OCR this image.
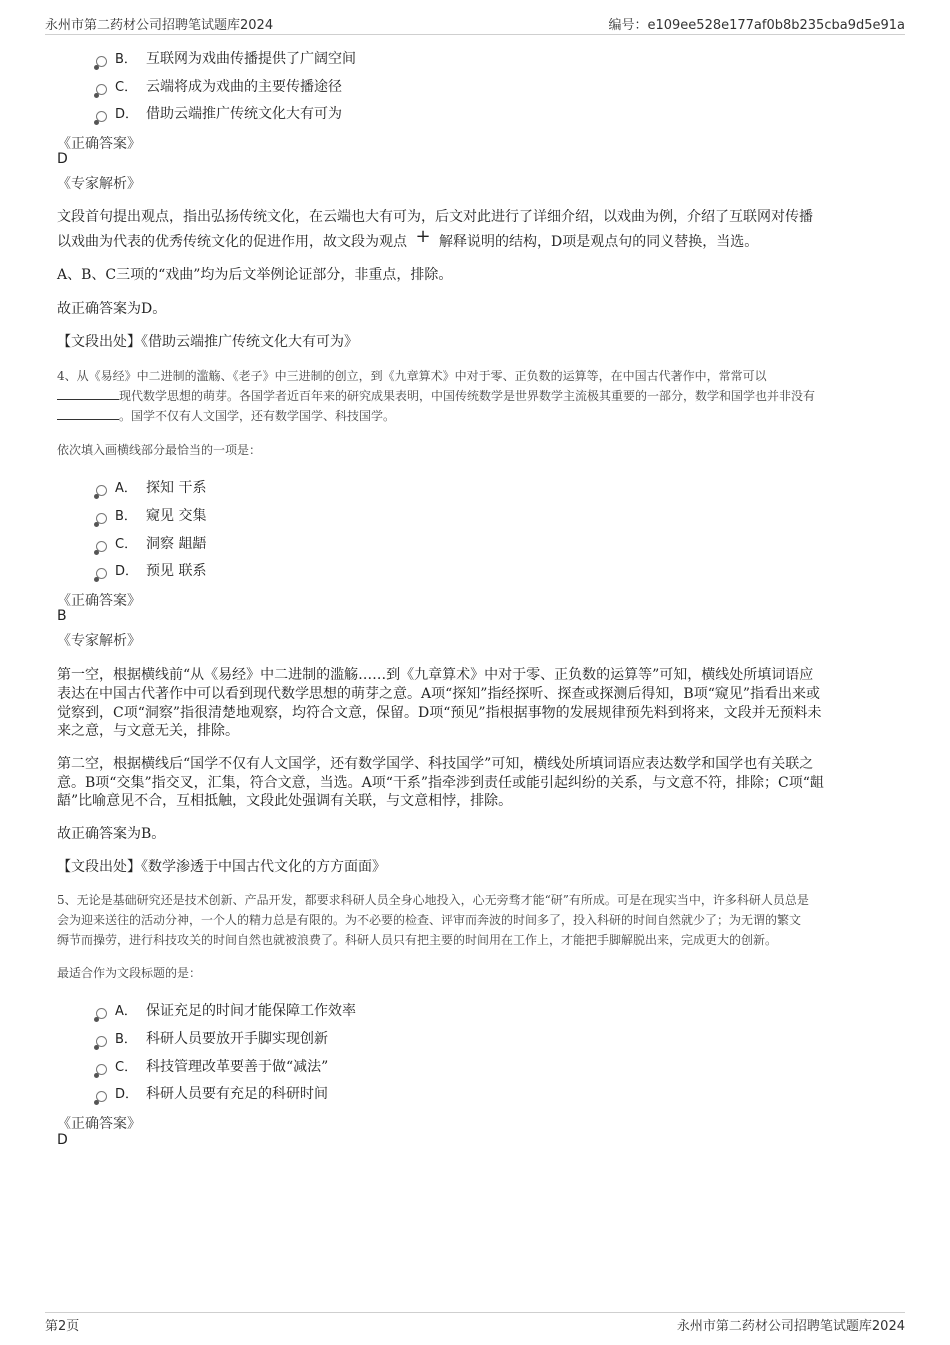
永州市第二药材公司招聘笔试题库2024	编号：e109ee528e177af0b8b235cba9d5e91a
B． 互联网为戏曲传播提供了广阔空间
C． 云端将成为戏曲的主要传播途径
D． 借助云端推广传统文化大有可为
《正确答案》
D
《专家解析》
文段首句提出观点，指出弘扬传统文化，在云端也大有可为，后文对此进行了详细介绍，以戏曲为例，介绍了互联网对传播
以戏曲为代表的优秀传统文化的促进作用，故文段为观点 + 解释说明的结构，D项是观点句的同义替换，当选。
A、B、C三项的“戏曲”均为后文举例论证部分，非重点，排除。
故正确答案为D。
【文段出处】《借助云端推广传统文化大有可为》
4、从《易经》中二进制的滥觞、《老子》中三进制的创立，到《九章算术》中对于零、正负数的运算等，在中国古代著作中，常常可以
现代数学思想的萌芽。各国学者近百年来的研究成果表明，中国传统数学是世界数学主流极其重要的一部分，数学和国学也并非没有
。国学不仅有人文国学，还有数学国学、科技国学。
依次填入画横线部分最恰当的一项是：
A． 探知 干系
B． 窥见 交集
C． 洞察 龃龉
D． 预见 联系
《正确答案》
B
《专家解析》
第一空，根据横线前“从《易经》中二进制的滥觞……到《九章算术》中对于零、正负数的运算等”可知，横线处所填词语应
表达在中国古代著作中可以看到现代数学思想的萌芽之意。A项“探知”指经探听、探查或探测后得知，B项“窥见”指看出来或
觉察到，C项“洞察”指很清楚地观察，均符合文意，保留。D项“预见”指根据事物的发展规律预先料到将来，文段并无预料未
来之意，与文意无关，排除。
第二空，根据横线后“国学不仅有人文国学，还有数学国学、科技国学”可知，横线处所填词语应表达数学和国学也有关联之
意。B项“交集”指交叉，汇集，符合文意，当选。A项“干系”指牵涉到责任或能引起纠纷的关系，与文意不符，排除；C项“龃
龉”比喻意见不合，互相抵触，文段此处强调有关联，与文意相悖，排除。
故正确答案为B。
【文段出处】《数学渗透于中国古代文化的方方面面》
5、无论是基础研究还是技术创新、产品开发，都要求科研人员全身心地投入，心无旁骛才能“研”有所成。可是在现实当中，许多科研人员总是
会为迎来送往的活动分神，一个人的精力总是有限的。为不必要的检查、评审而奔波的时间多了，投入科研的时间自然就少了；为无谓的繁文
缛节而操劳，进行科技攻关的时间自然也就被浪费了。科研人员只有把主要的时间用在工作上，才能把手脚解脱出来，完成更大的创新。
最适合作为文段标题的是：
A． 保证充足的时间才能保障工作效率
B． 科研人员要放开手脚实现创新
C． 科技管理改革要善于做“减法”
D． 科研人员要有充足的科研时间
《正确答案》
D
第2页	永州市第二药材公司招聘笔试题库2024
